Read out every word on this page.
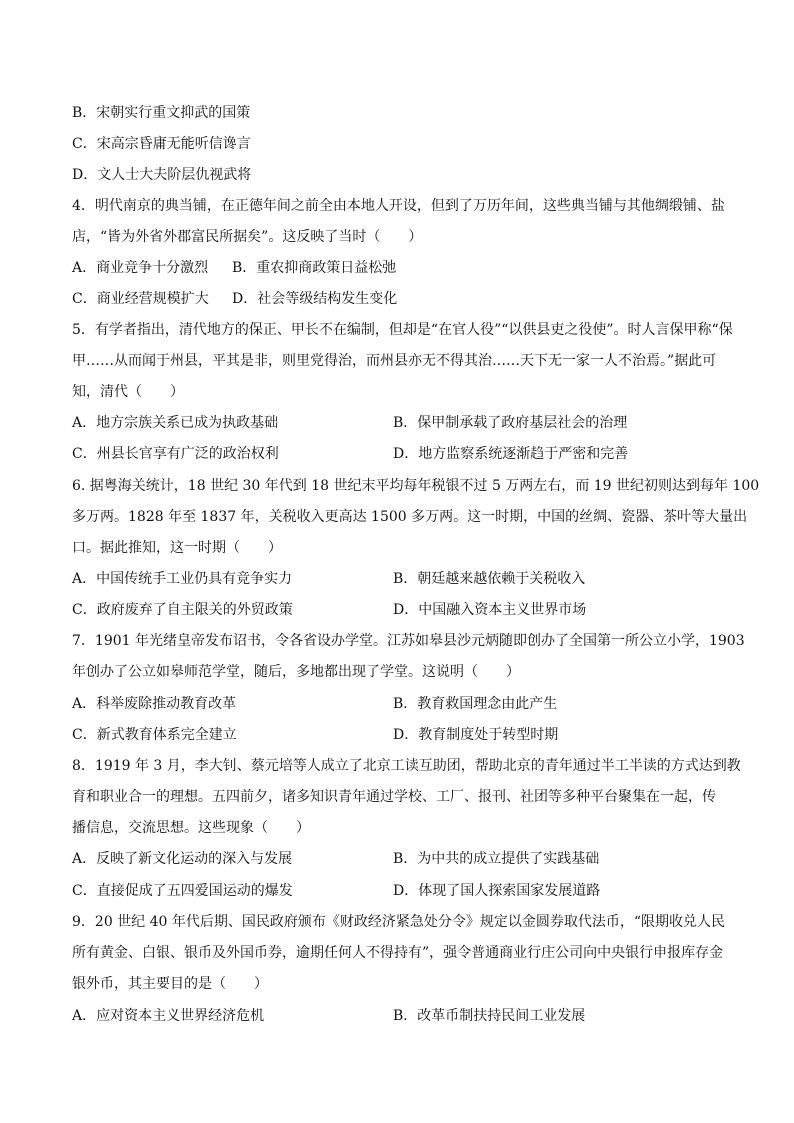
B．宋朝实行重文抑武的国策
C．宋高宗昏庸无能听信谗言
D．文人士大夫阶层仇视武将
4．明代南京的典当铺，在正德年间之前全由本地人开设，但到了万历年间，这些典当铺与其他绸缎铺、盐
店，“皆为外省外郡富民所据矣”。这反映了当时（　　）
A．商业竞争十分激烈 B．重农抑商政策日益松弛
C．商业经营规模扩大 D．社会等级结构发生变化
5．有学者指出，清代地方的保正、甲长不在编制，但却是“在官人役”“以供县吏之役使”。时人言保甲称“保
甲……从而闻于州县，平其是非，则里党得治，而州县亦无不得其治……天下无一家一人不治焉。”据此可
知，清代（　　）
A．地方宗族关系已成为执政基础	B．保甲制承载了政府基层社会的治理
C．州县长官享有广泛的政治权利	D．地方监察系统逐渐趋于严密和完善
6. 据粤海关统计，18 世纪 30 年代到 18 世纪末平均每年税银不过 5 万两左右，而 19 世纪初则达到每年 100
多万两。1828 年至 1837 年，关税收入更高达 1500 多万两。这一时期，中国的丝绸、瓷器、茶叶等大量出
口。据此推知，这一时期（　　）
A．中国传统手工业仍具有竞争实力	B．朝廷越来越依赖于关税收入
C．政府废弃了自主限关的外贸政策	D．中国融入资本主义世界市场
7．1901 年光绪皇帝发布诏书，令各省设办学堂。江苏如皋县沙元炳随即创办了全国第一所公立小学，1903
年创办了公立如皋师范学堂，随后，多地都出现了学堂。这说明（　　）
A．科举废除推动教育改革	B．教育救国理念由此产生
C．新式教育体系完全建立	D．教育制度处于转型时期
8．1919 年 3 月，李大钊、蔡元培等人成立了北京工读互助团，帮助北京的青年通过半工半读的方式达到教
育和职业合一的理想。五四前夕，诸多知识青年通过学校、工厂、报刊、社团等多种平台聚集在一起，传
播信息，交流思想。这些现象（　　）
A．反映了新文化运动的深入与发展	B．为中共的成立提供了实践基础
C．直接促成了五四爱国运动的爆发	D．体现了国人探索国家发展道路
9．20 世纪 40 年代后期、国民政府颁布《财政经济紧急处分令》规定以金圆券取代法币，“限期收兑人民
所有黄金、白银、银币及外国币券，逾期任何人不得持有”，强令普通商业行庄公司向中央银行申报库存金
银外币，其主要目的是（　　）
A．应对资本主义世界经济危机	B．改革币制扶持民间工业发展
